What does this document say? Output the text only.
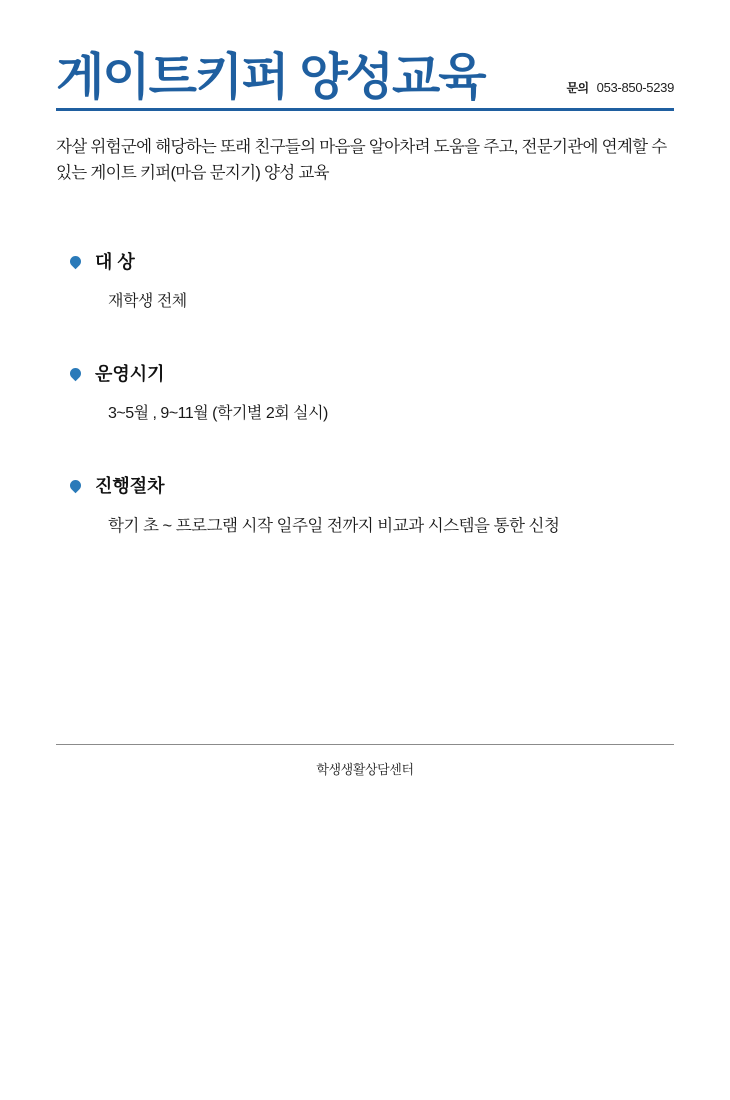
게이트키퍼 양성교육	문의 053-850-5239
자살 위험군에 해당하는 또래 친구들의 마음을 알아차려 도움을 주고, 전문기관에 연계할 수 있는 게이트 키퍼(마음 문지기) 양성 교육
대 상
재학생 전체
운영시기
3~5월 , 9~11월 (학기별 2회 실시)
진행절차
학기 초 ~ 프로그램 시작 일주일 전까지 비교과 시스템을 통한 신청
학생생활상담센터
